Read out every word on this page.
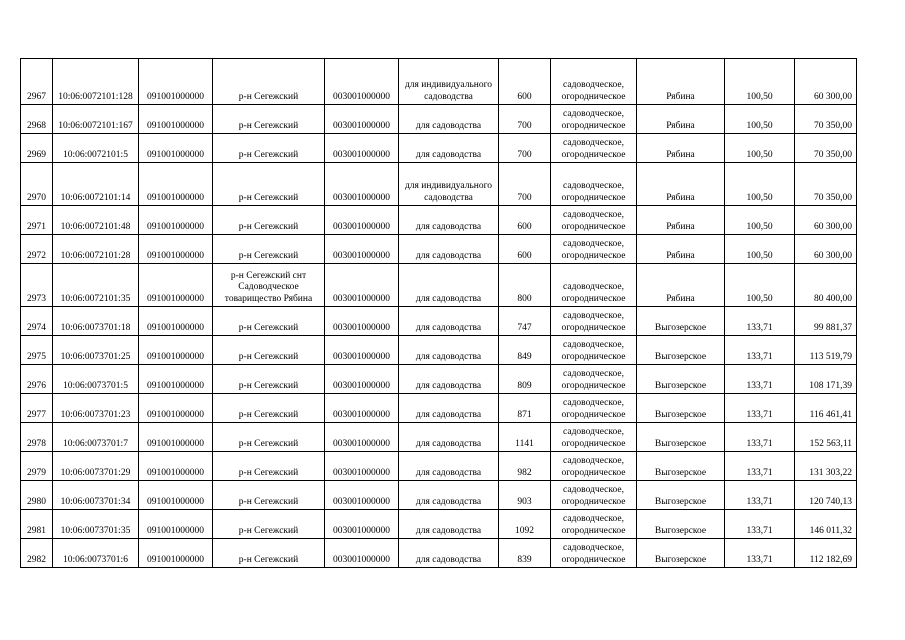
2967	10:06:0072101:128	091001000000	р-н Сегежский	003001000000	для индивидуального садоводства	600	садоводческое, огородническое	Рябина	100,50	60 300,00
2968	10:06:0072101:167	091001000000	р-н Сегежский	003001000000	для садоводства	700	садоводческое, огородническое	Рябина	100,50	70 350,00
2969	10:06:0072101:5	091001000000	р-н Сегежский	003001000000	для садоводства	700	садоводческое, огородническое	Рябина	100,50	70 350,00
2970	10:06:0072101:14	091001000000	р-н Сегежский	003001000000	для индивидуального садоводства	700	садоводческое, огородническое	Рябина	100,50	70 350,00
2971	10:06:0072101:48	091001000000	р-н Сегежский	003001000000	для садоводства	600	садоводческое, огородническое	Рябина	100,50	60 300,00
2972	10:06:0072101:28	091001000000	р-н Сегежский	003001000000	для садоводства	600	садоводческое, огородническое	Рябина	100,50	60 300,00
2973	10:06:0072101:35	091001000000	р-н Сегежский снт Садоводческое товарищество Рябина	003001000000	для садоводства	800	садоводческое, огородническое	Рябина	100,50	80 400,00
2974	10:06:0073701:18	091001000000	р-н Сегежский	003001000000	для садоводства	747	садоводческое, огородническое	Выгозерское	133,71	99 881,37
2975	10:06:0073701:25	091001000000	р-н Сегежский	003001000000	для садоводства	849	садоводческое, огородническое	Выгозерское	133,71	113 519,79
2976	10:06:0073701:5	091001000000	р-н Сегежский	003001000000	для садоводства	809	садоводческое, огородническое	Выгозерское	133,71	108 171,39
2977	10:06:0073701:23	091001000000	р-н Сегежский	003001000000	для садоводства	871	садоводческое, огородническое	Выгозерское	133,71	116 461,41
2978	10:06:0073701:7	091001000000	р-н Сегежский	003001000000	для садоводства	1141	садоводческое, огородническое	Выгозерское	133,71	152 563,11
2979	10:06:0073701:29	091001000000	р-н Сегежский	003001000000	для садоводства	982	садоводческое, огородническое	Выгозерское	133,71	131 303,22
2980	10:06:0073701:34	091001000000	р-н Сегежский	003001000000	для садоводства	903	садоводческое, огородническое	Выгозерское	133,71	120 740,13
2981	10:06:0073701:35	091001000000	р-н Сегежский	003001000000	для садоводства	1092	садоводческое, огородническое	Выгозерское	133,71	146 011,32
2982	10:06:0073701:6	091001000000	р-н Сегежский	003001000000	для садоводства	839	садоводческое, огородническое	Выгозерское	133,71	112 182,69
